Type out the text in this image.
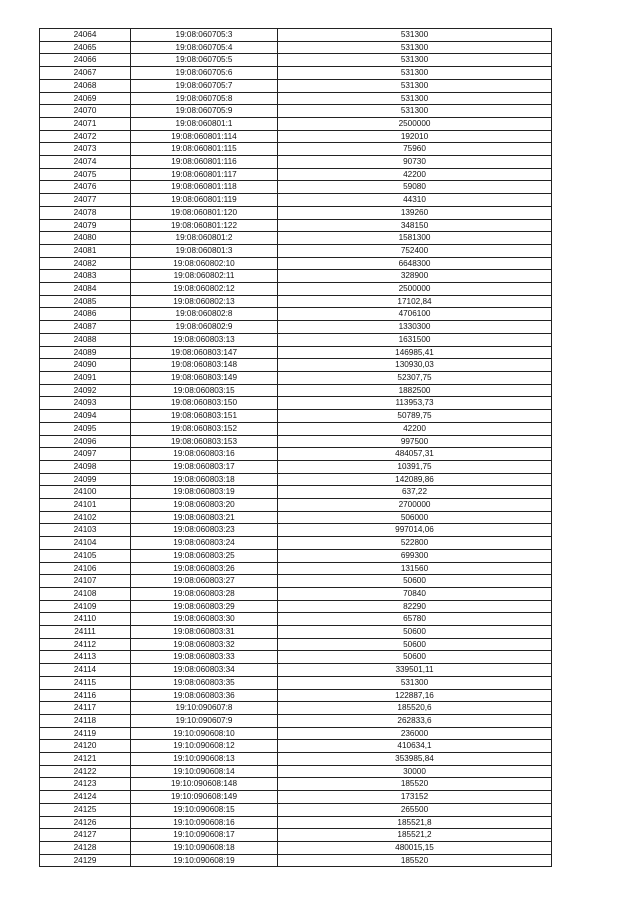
24064	19:08:060705:3	531300
24065	19:08:060705:4	531300
24066	19:08:060705:5	531300
24067	19:08:060705:6	531300
24068	19:08:060705:7	531300
24069	19:08:060705:8	531300
24070	19:08:060705:9	531300
24071	19:08:060801:1	2500000
24072	19:08:060801:114	192010
24073	19:08:060801:115	75960
24074	19:08:060801:116	90730
24075	19:08:060801:117	42200
24076	19:08:060801:118	59080
24077	19:08:060801:119	44310
24078	19:08:060801:120	139260
24079	19:08:060801:122	348150
24080	19:08:060801:2	1581300
24081	19:08:060801:3	752400
24082	19:08:060802:10	6648300
24083	19:08:060802:11	328900
24084	19:08:060802:12	2500000
24085	19:08:060802:13	17102,84
24086	19:08:060802:8	4706100
24087	19:08:060802:9	1330300
24088	19:08:060803:13	1631500
24089	19:08:060803:147	146985,41
24090	19:08:060803:148	130930,03
24091	19:08:060803:149	52307,75
24092	19:08:060803:15	1882500
24093	19:08:060803:150	113953,73
24094	19:08:060803:151	50789,75
24095	19:08:060803:152	42200
24096	19:08:060803:153	997500
24097	19:08:060803:16	484057,31
24098	19:08:060803:17	10391,75
24099	19:08:060803:18	142089,86
24100	19:08:060803:19	637,22
24101	19:08:060803:20	2700000
24102	19:08:060803:21	506000
24103	19:08:060803:23	997014,06
24104	19:08:060803:24	522800
24105	19:08:060803:25	699300
24106	19:08:060803:26	131560
24107	19:08:060803:27	50600
24108	19:08:060803:28	70840
24109	19:08:060803:29	82290
24110	19:08:060803:30	65780
24111	19:08:060803:31	50600
24112	19:08:060803:32	50600
24113	19:08:060803:33	50600
24114	19:08:060803:34	339501,11
24115	19:08:060803:35	531300
24116	19:08:060803:36	122887,16
24117	19:10:090607:8	185520,6
24118	19:10:090607:9	262833,6
24119	19:10:090608:10	236000
24120	19:10:090608:12	410634,1
24121	19:10:090608:13	353985,84
24122	19:10:090608:14	30000
24123	19:10:090608:148	185520
24124	19:10:090608:149	173152
24125	19:10:090608:15	265500
24126	19:10:090608:16	185521,8
24127	19:10:090608:17	185521,2
24128	19:10:090608:18	480015,15
24129	19:10:090608:19	185520
